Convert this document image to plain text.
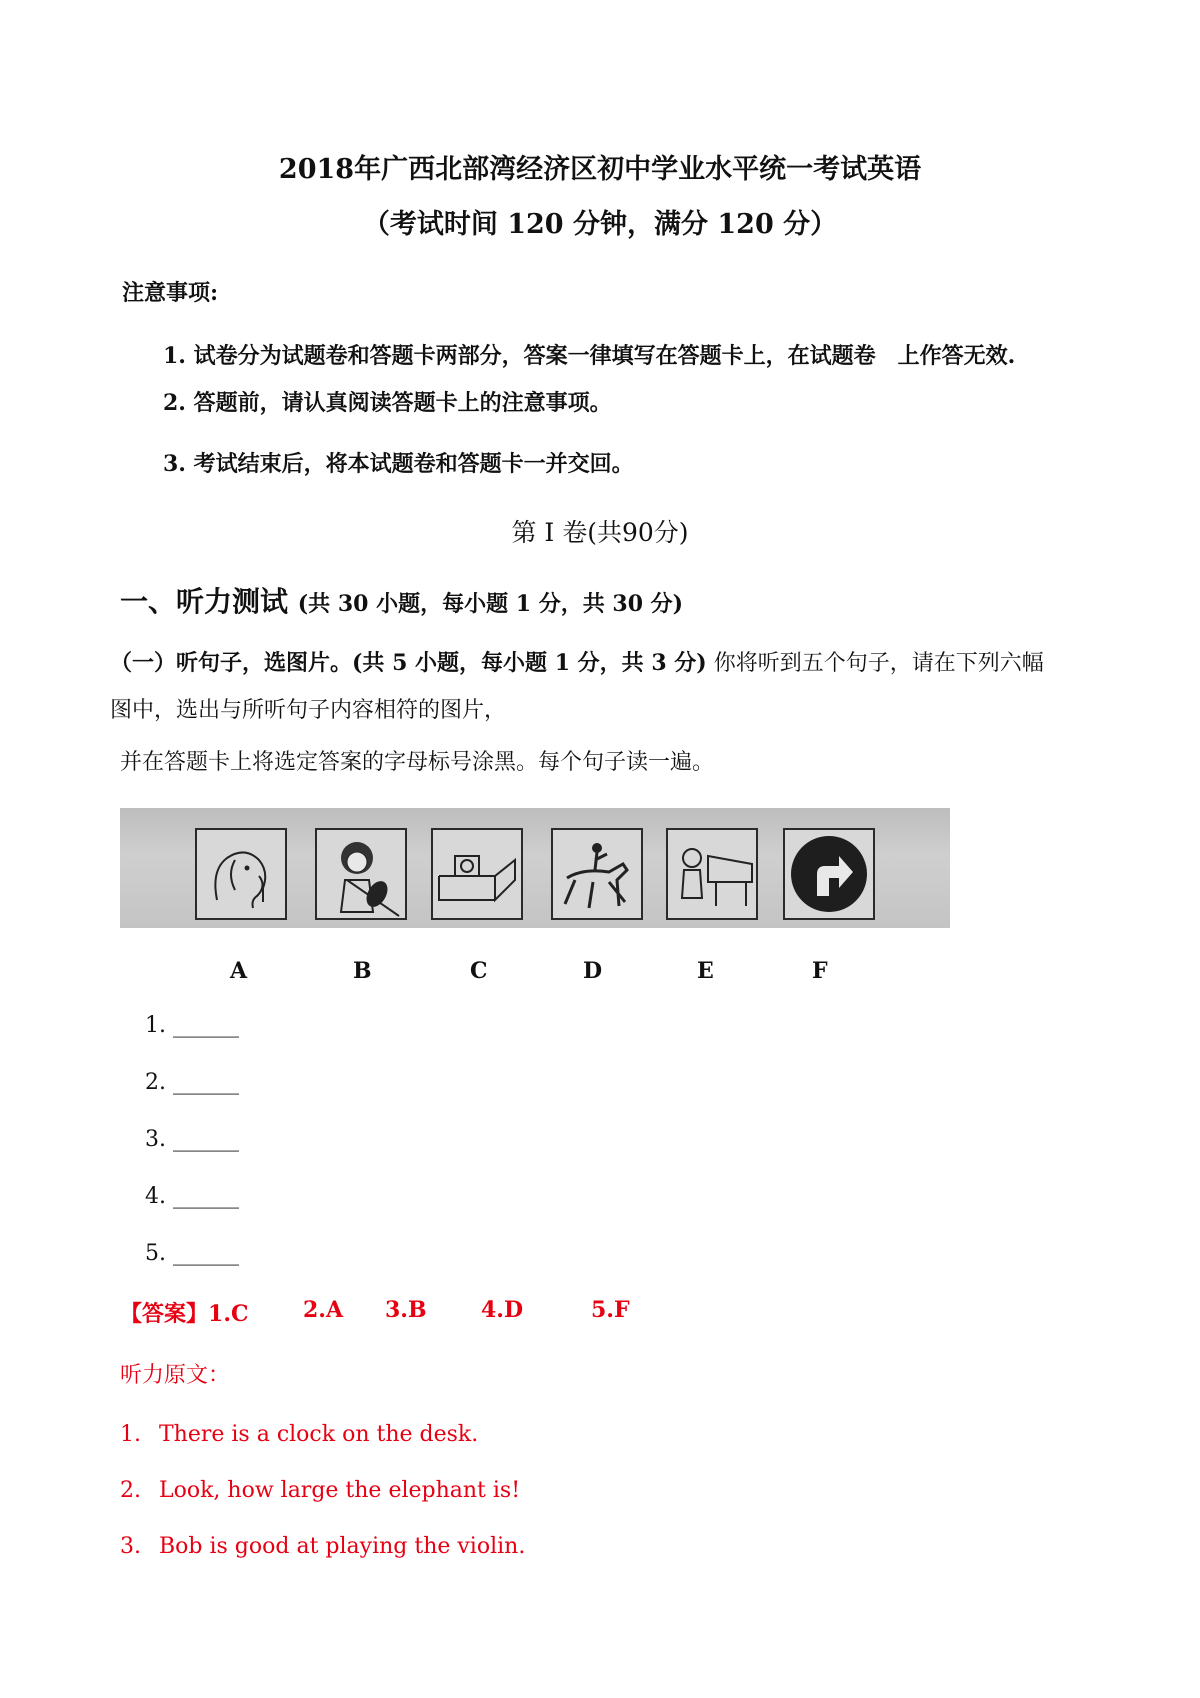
2018年广西北部湾经济区初中学业水平统一考试英语
（考试时间 120 分钟，满分 120 分）
注意事项:
1. 试卷分为试题卷和答题卡两部分，答案一律填写在答题卡上，在试题卷　上作答无效.
2. 答题前，请认真阅读答题卡上的注意事项。
3. 考试结束后，将本试题卷和答题卡一并交回。
第 I 卷(共90分)
一、听力测试 (共 30 小题，每小题 1 分，共 30 分)
（一）听句子，选图片。(共 5 小题，每小题 1 分，共 3 分) 你将听到五个句子，请在下列六幅
图中，选出与所听句子内容相符的图片，
并在答题卡上将选定答案的字母标号涂黑。每个句子读一遍。
A	B	C	D	E	F
1. ______
2. ______
3. ______
4. ______
5. ______
【答案】1.C 2.A 3.B 4.D	5.F
听力原文：
1. There is a clock on the desk.
2. Look, how large the elephant is!
3. Bob is good at playing the violin.
